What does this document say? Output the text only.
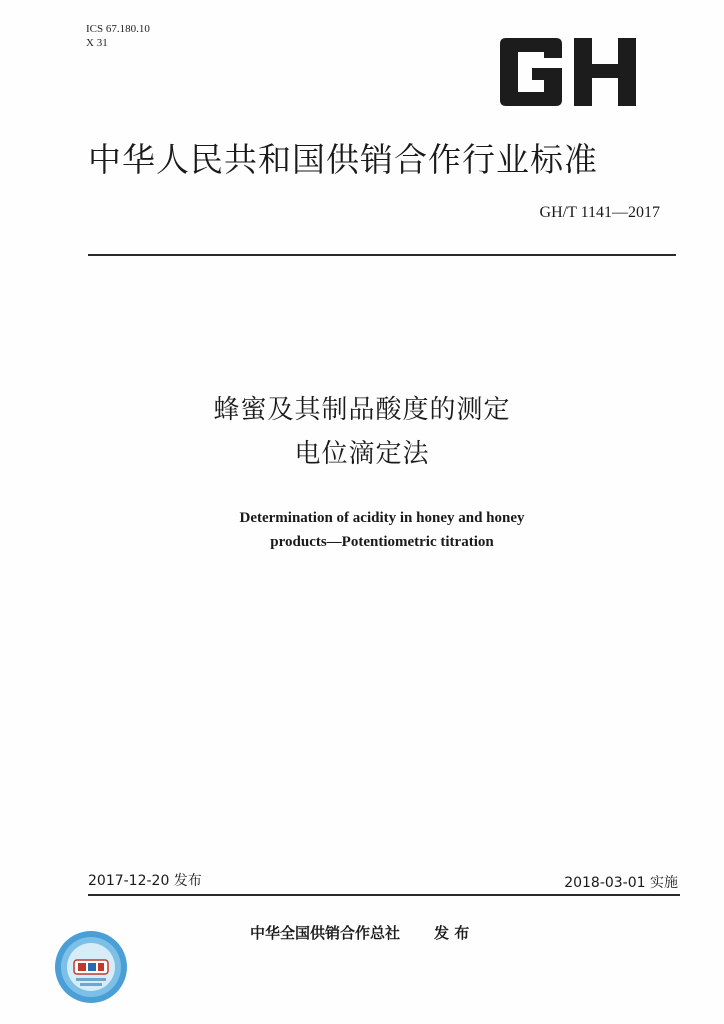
ICS 67.180.10
X 31
中华人民共和国供销合作行业标准
GH/T 1141—2017
蜂蜜及其制品酸度的测定
电位滴定法
Determination of acidity in honey and honey
products—Potentiometric titration
2017-12-20 发布	2018-03-01 实施
中华全国供销合作总社 发 布
